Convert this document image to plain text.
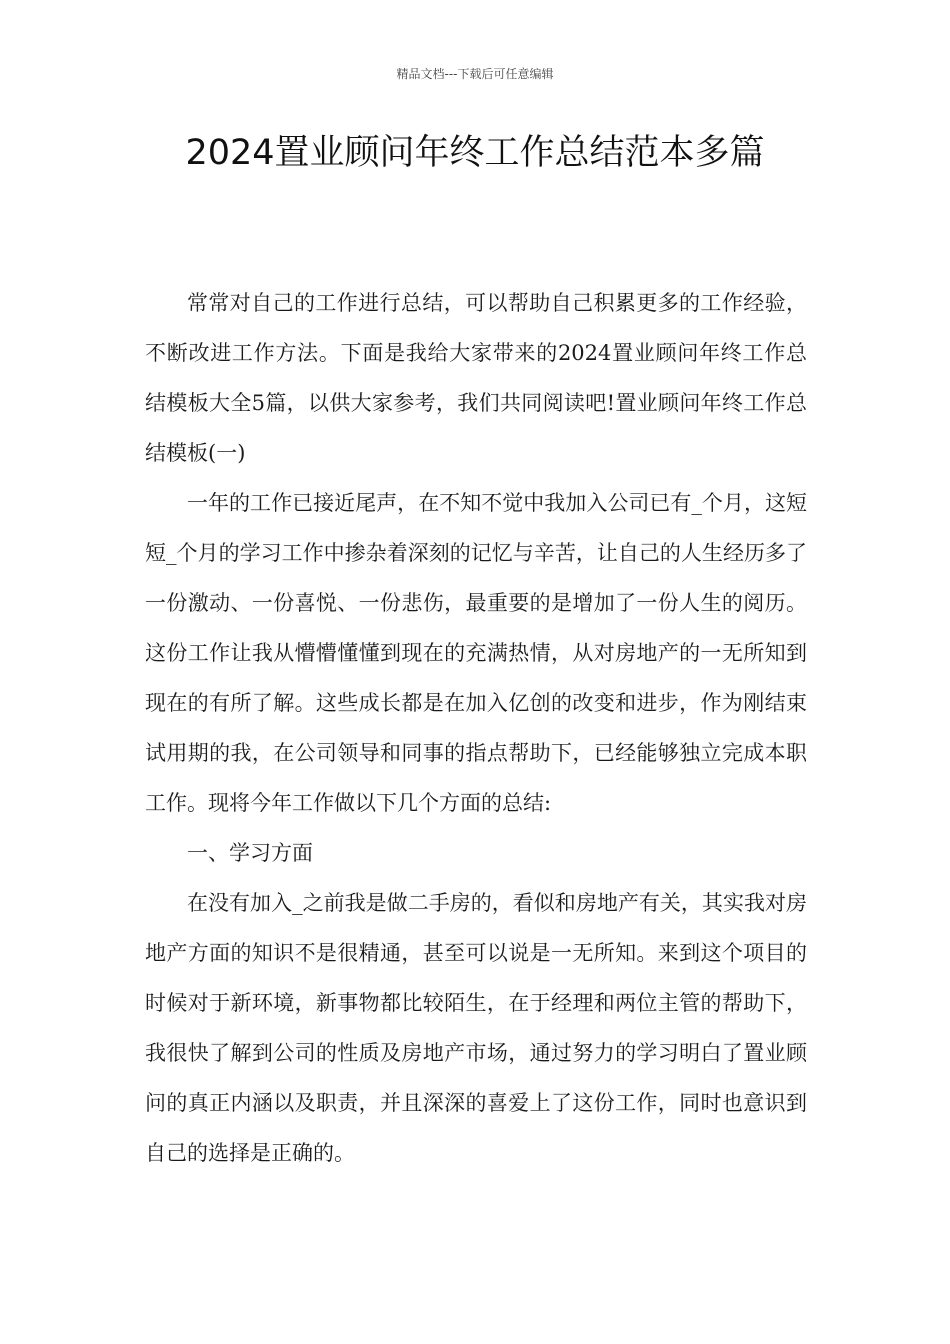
精品文档---下载后可任意编辑
2024置业顾问年终工作总结范本多篇

常常对自己的工作进行总结，可以帮助自己积累更多的工作经验，不断改进工作方法。下面是我给大家带来的2024置业顾问年终工作总结模板大全5篇，以供大家参考，我们共同阅读吧!置业顾问年终工作总结模板(一)

一年的工作已接近尾声，在不知不觉中我加入公司已有_个月，这短短_个月的学习工作中掺杂着深刻的记忆与辛苦，让自己的人生经历多了一份激动、一份喜悦、一份悲伤，最重要的是增加了一份人生的阅历。这份工作让我从懵懵懂懂到现在的充满热情，从对房地产的一无所知到现在的有所了解。这些成长都是在加入亿创的改变和进步，作为刚结束试用期的我，在公司领导和同事的指点帮助下，已经能够独立完成本职工作。现将今年工作做以下几个方面的总结:

一、学习方面

在没有加入_之前我是做二手房的，看似和房地产有关，其实我对房地产方面的知识不是很精通，甚至可以说是一无所知。来到这个项目的时候对于新环境，新事物都比较陌生，在于经理和两位主管的帮助下，我很快了解到公司的性质及房地产市场，通过努力的学习明白了置业顾问的真正内涵以及职责，并且深深的喜爱上了这份工作，同时也意识到自己的选择是正确的。
